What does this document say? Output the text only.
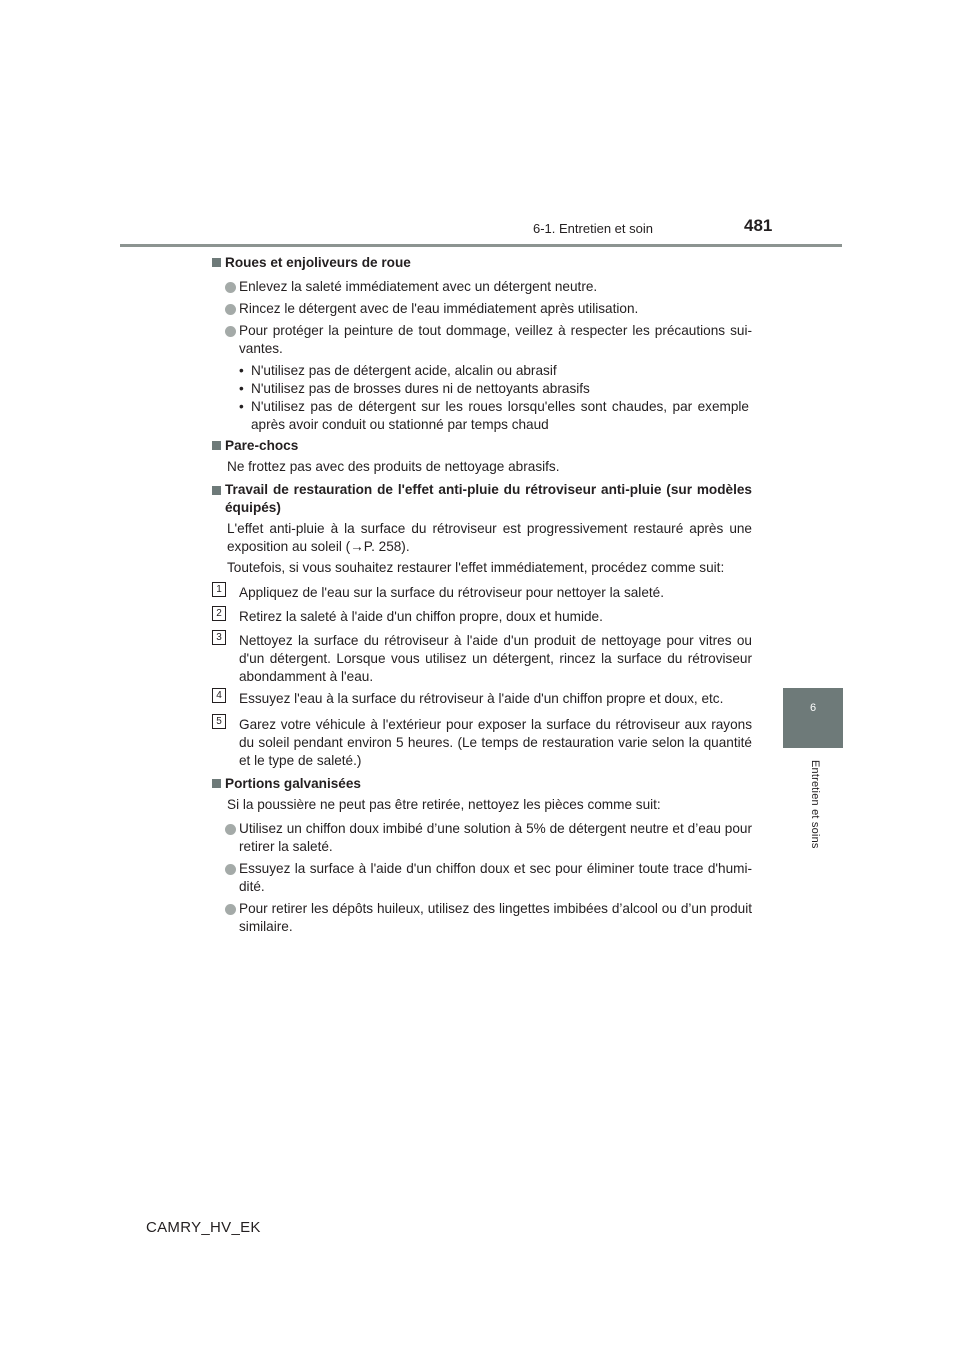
6-1. Entretien et soin	481
6
Entretien et soins
Roues et enjoliveurs de roue
Enlevez la saleté immédiatement avec un détergent neutre.
Rincez le détergent avec de l'eau immédiatement après utilisation.
Pour protéger la peinture de tout dommage, veillez à respecter les précautions sui-vantes.
• N'utilisez pas de détergent acide, alcalin ou abrasif
• N'utilisez pas de brosses dures ni de nettoyants abrasifs
• N'utilisez pas de détergent sur les roues lorsqu'elles sont chaudes, par exemple après avoir conduit ou stationné par temps chaud
Pare-chocs
Ne frottez pas avec des produits de nettoyage abrasifs.
Travail de restauration de l'effet anti-pluie du rétroviseur anti-pluie (sur modèles équipés)
L'effet anti-pluie à la surface du rétroviseur est progressivement restauré après une exposition au soleil (→P. 258).
Toutefois, si vous souhaitez restaurer l'effet immédiatement, procédez comme suit:
1	Appliquez de l'eau sur la surface du rétroviseur pour nettoyer la saleté.
2	Retirez la saleté à l'aide d'un chiffon propre, doux et humide.
3	Nettoyez la surface du rétroviseur à l'aide d'un produit de nettoyage pour vitres ou d'un détergent. Lorsque vous utilisez un détergent, rincez la surface du rétroviseur abondamment à l'eau.
4	Essuyez l'eau à la surface du rétroviseur à l'aide d'un chiffon propre et doux, etc.
5	Garez votre véhicule à l'extérieur pour exposer la surface du rétroviseur aux rayons du soleil pendant environ 5 heures. (Le temps de restauration varie selon la quantité et le type de saleté.)
Portions galvanisées
Si la poussière ne peut pas être retirée, nettoyez les pièces comme suit:
Utilisez un chiffon doux imbibé d’une solution à 5% de détergent neutre et d’eau pour retirer la saleté.
Essuyez la surface à l'aide d'un chiffon doux et sec pour éliminer toute trace d'humi-dité.
Pour retirer les dépôts huileux, utilisez des lingettes imbibées d’alcool ou d’un produit similaire.
CAMRY_HV_EK
